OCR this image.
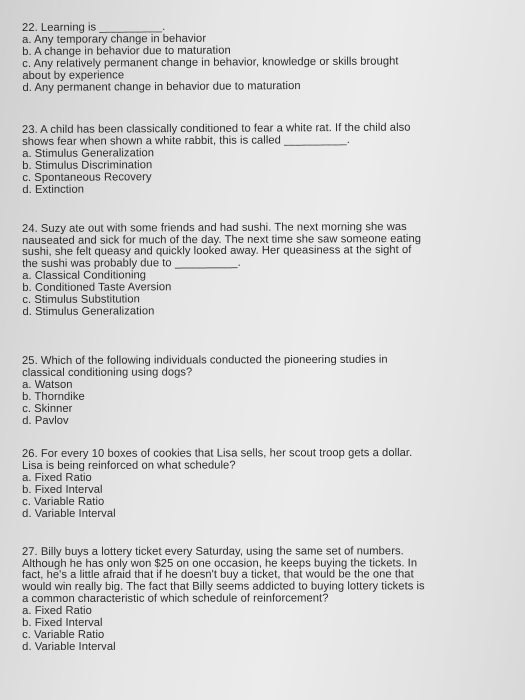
22. Learning is __________.

a. Any temporary change in behavior

b. A change in behavior due to maturation

c. Any relatively permanent change in behavior, knowledge or skills brought
about by experience

d. Any permanent change in behavior due to maturation

23. A child has been classically conditioned to fear a white rat. If the child also
shows fear when shown a white rabbit, this is called __________.

a. Stimulus Generalization

b. Stimulus Discrimination

c. Spontaneous Recovery

d. Extinction

24. Suzy ate out with some friends and had sushi. The next morning she was
nauseated and sick for much of the day. The next time she saw someone eating
sushi, she felt queasy and quickly looked away. Her queasiness at the sight of
the sushi was probably due to __________.

a. Classical Conditioning

b. Conditioned Taste Aversion

c. Stimulus Substitution

d. Stimulus Generalization

25. Which of the following individuals conducted the pioneering studies in
classical conditioning using dogs?

a. Watson

b. Thorndike

c. Skinner

d. Pavlov

26. For every 10 boxes of cookies that Lisa sells, her scout troop gets a dollar.
Lisa is being reinforced on what schedule?

a. Fixed Ratio

b. Fixed Interval

c. Variable Ratio

d. Variable Interval

27. Billy buys a lottery ticket every Saturday, using the same set of numbers.
Although he has only won $25 on one occasion, he keeps buying the tickets. In
fact, he's a little afraid that if he doesn't buy a ticket, that would be the one that
would win really big. The fact that Billy seems addicted to buying lottery tickets is
a common characteristic of which schedule of reinforcement?

a. Fixed Ratio

b. Fixed Interval

c. Variable Ratio

d. Variable Interval
